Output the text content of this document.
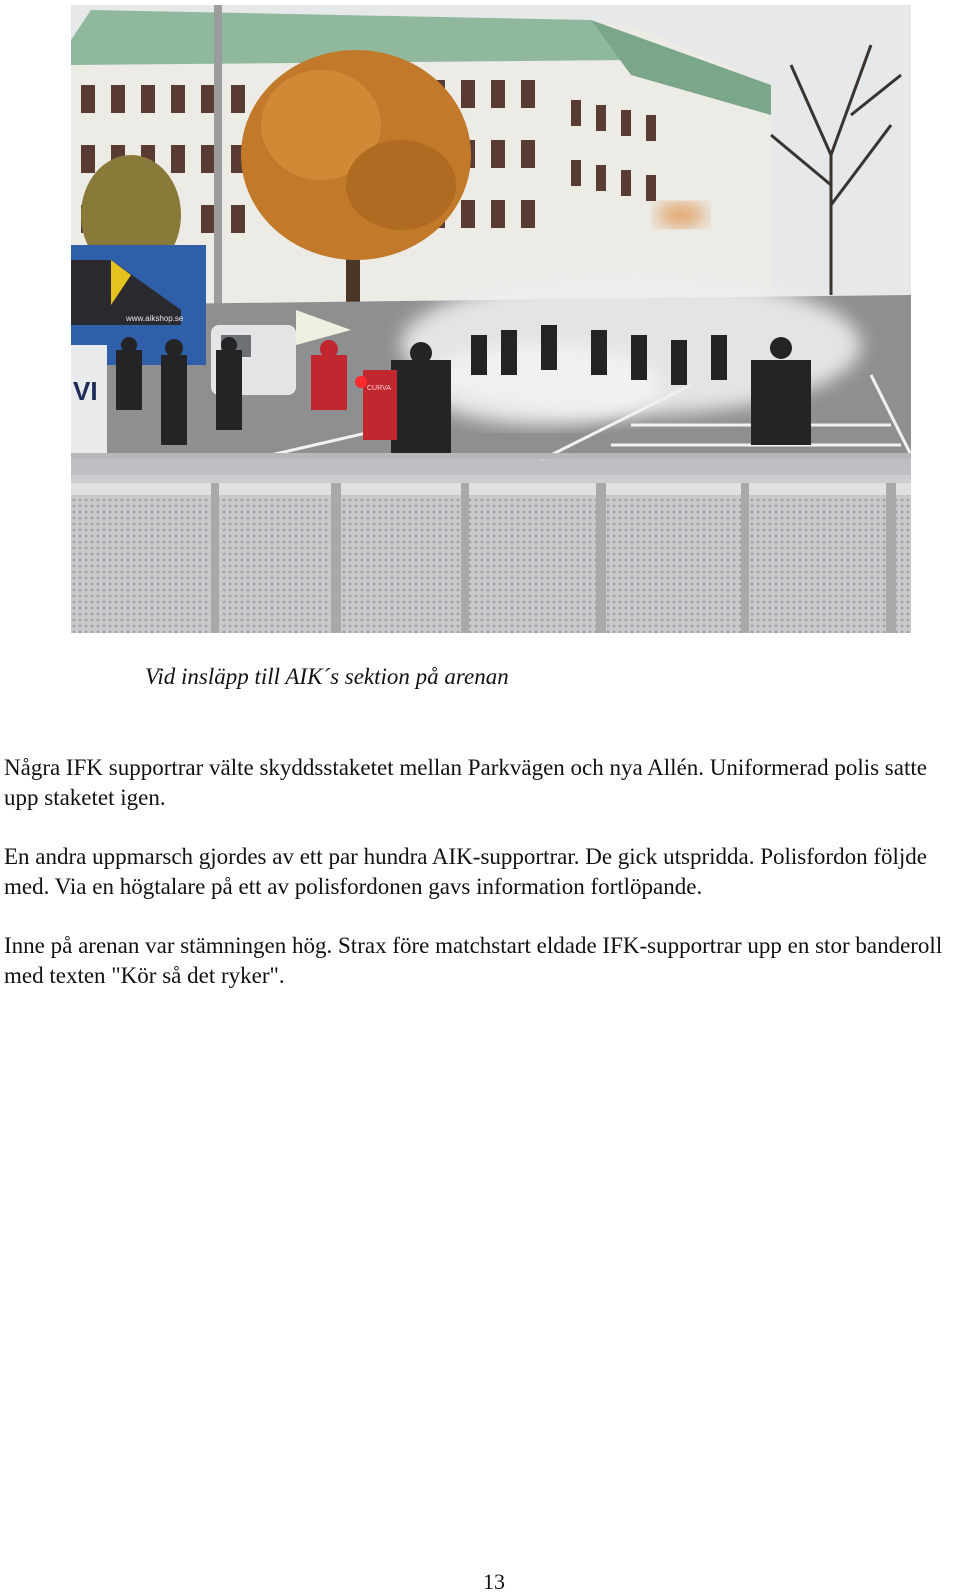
www.aikshop.se
VI	CURVA
Vid insläpp till AIK´s sektion på arenan

Några IFK supportrar välte skyddsstaketet mellan Parkvägen och nya Allén. Uniformerad polis satte upp staketet igen.

En andra uppmarsch gjordes av ett par hundra AIK-supportrar. De gick utspridda. Polisfordon följde med. Via en högtalare på ett av polisfordonen gavs information fortlöpande.

Inne på arenan var stämningen hög. Strax före matchstart eldade IFK-supportrar upp en stor banderoll med texten "Kör så det ryker".

13
